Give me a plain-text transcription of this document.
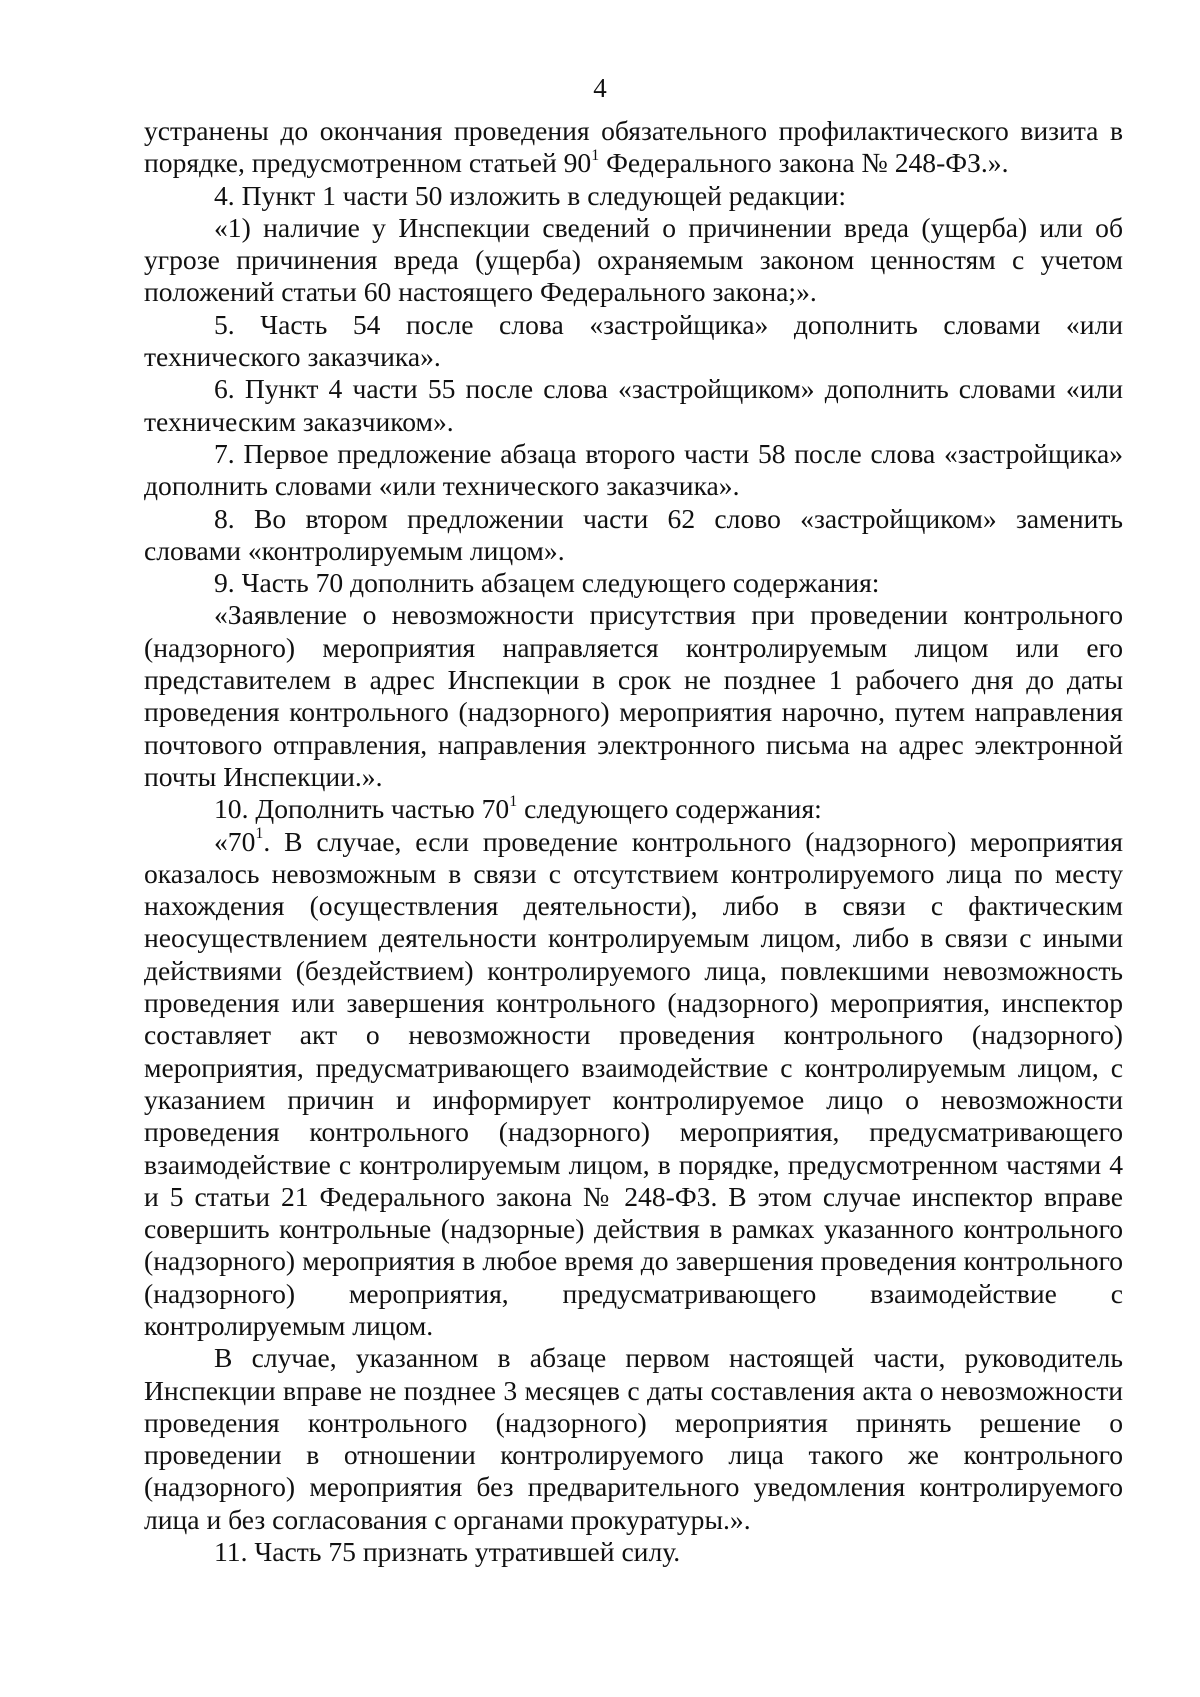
4

устранены до окончания проведения обязательного профилактического визита в порядке, предусмотренном статьей $90^1$ Федерального закона № 248-ФЗ.».

4. Пункт 1 части 50 изложить в следующей редакции:

«1) наличие у Инспекции сведений о причинении вреда (ущерба) или об угрозе причинения вреда (ущерба) охраняемым законом ценностям с учетом положений статьи 60 настоящего Федерального закона;».

5. Часть 54 после слова «застройщика» дополнить словами «или технического заказчика».

6. Пункт 4 части 55 после слова «застройщиком» дополнить словами «или техническим заказчиком».

7. Первое предложение абзаца второго части 58 после слова «застройщика» дополнить словами «или технического заказчика».

8. Во втором предложении части 62 слово «застройщиком» заменить словами «контролируемым лицом».

9. Часть 70 дополнить абзацем следующего содержания:

«Заявление о невозможности присутствия при проведении контрольного (надзорного) мероприятия направляется контролируемым лицом или его представителем в адрес Инспекции в срок не позднее 1 рабочего дня до даты проведения контрольного (надзорного) мероприятия нарочно, путем направления почтового отправления, направления электронного письма на адрес электронной почты Инспекции.».

10. Дополнить частью $70^1$ следующего содержания:

«$70^1$. В случае, если проведение контрольного (надзорного) мероприятия оказалось невозможным в связи с отсутствием контролируемого лица по месту нахождения (осуществления деятельности), либо в связи с фактическим неосуществлением деятельности контролируемым лицом, либо в связи с иными действиями (бездействием) контролируемого лица, повлекшими невозможность проведения или завершения контрольного (надзорного) мероприятия, инспектор составляет акт о невозможности проведения контрольного (надзорного) мероприятия, предусматривающего взаимодействие с контролируемым лицом, с указанием причин и информирует контролируемое лицо о невозможности проведения контрольного (надзорного) мероприятия, предусматривающего взаимодействие с контролируемым лицом, в порядке, предусмотренном частями 4 и 5 статьи 21 Федерального закона № 248-ФЗ. В этом случае инспектор вправе совершить контрольные (надзорные) действия в рамках указанного контрольного (надзорного) мероприятия в любое время до завершения проведения контрольного (надзорного) мероприятия, предусматривающего взаимодействие с контролируемым лицом.

В случае, указанном в абзаце первом настоящей части, руководитель Инспекции вправе не позднее 3 месяцев с даты составления акта о невозможности проведения контрольного (надзорного) мероприятия принять решение о проведении в отношении контролируемого лица такого же контрольного (надзорного) мероприятия без предварительного уведомления контролируемого лица и без согласования с органами прокуратуры.».

11. Часть 75 признать утратившей силу.
